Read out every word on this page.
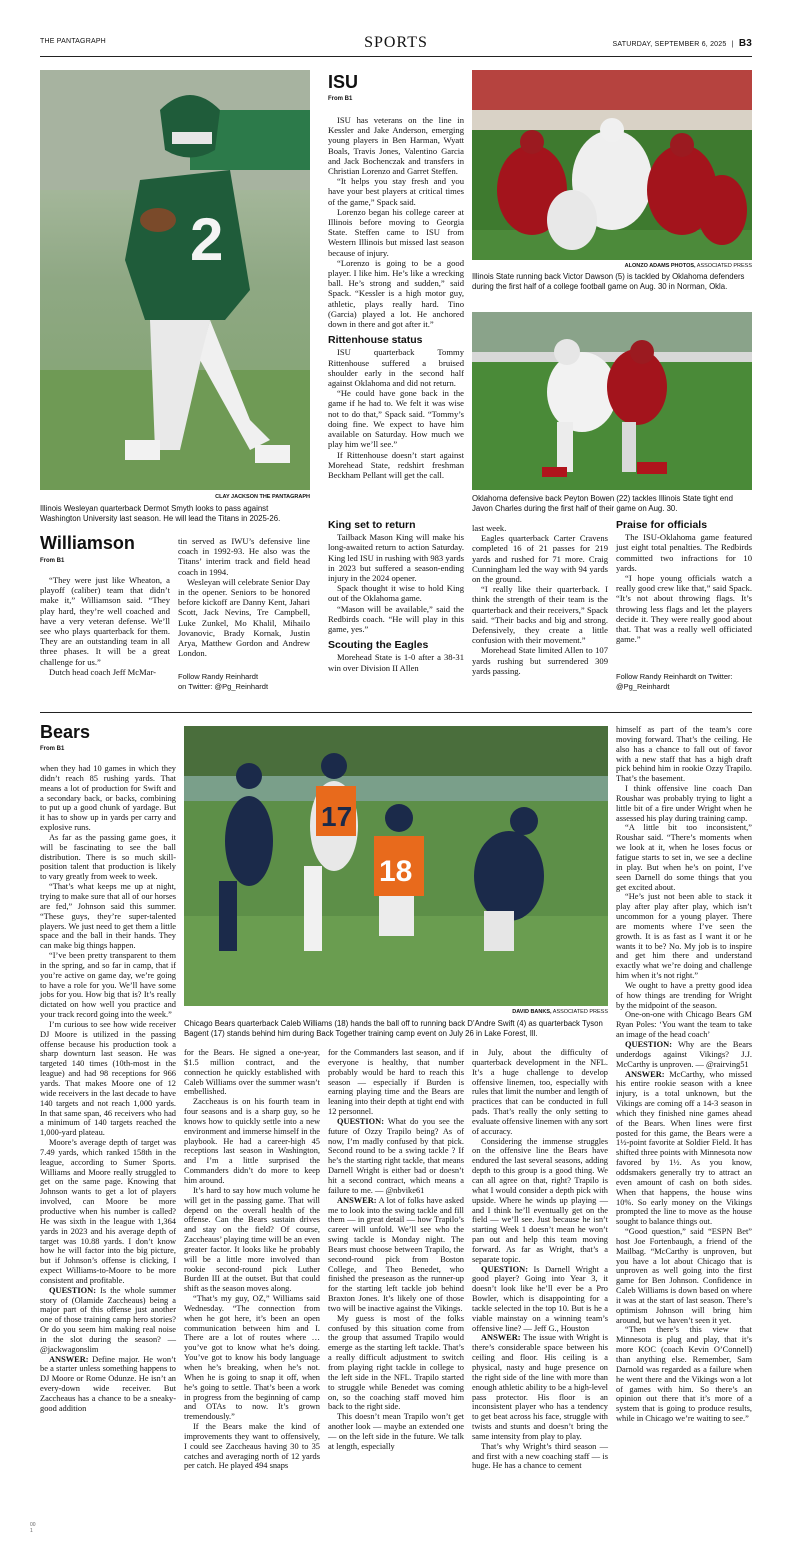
THE PANTAGRAPH	SPORTS	SATURDAY, SEPTEMBER 6, 2025 | B3
2
CLAY JACKSON THE PANTAGRAPH
Illinois Wesleyan quarterback Dermot Smyth looks to pass against Washington University last season. He will lead the Titans in 2025-26.
Williamson
From B1

“They were just like Wheaton, a playoff (caliber) team that didn’t make it,” Williamson said. “They play hard, they’re well coached and have a very veteran defense. We’ll see who plays quarterback for them. They are an outstanding team in all three phases. It will be a great challenge for us.”

Dutch head coach Jeff McMar-

tin served as IWU’s defensive line coach in 1992-93. He also was the Titans’ interim track and field head coach in 1994.

Wesleyan will celebrate Senior Day in the opener. Seniors to be honored before kickoff are Danny Kent, Jahari Scott, Jack Nevins, Tre Campbell, Luke Zunkel, Mo Khalil, Mihailo Jovanovic, Brady Kornak, Justin Arya, Matthew Gordon and Andrew London.

Follow Randy Reinhardt
on Twitter: @Pg_Reinhardt
ISU
From B1

ISU has veterans on the line in Kessler and Jake Anderson, emerging young players in Ben Harman, Wyatt Boals, Travis Jones, Valentino Garcia and Jack Bochenczak and transfers in Christian Lorenzo and Garret Steffen.

“It helps you stay fresh and you have your best players at critical times of the game,” Spack said.

Lorenzo began his college career at Illinois before moving to Georgia State. Steffen came to ISU from Western Illinois but missed last season because of injury.

“Lorenzo is going to be a good player. I like him. He’s like a wrecking ball. He’s strong and sudden,” said Spack. “Kessler is a high motor guy, athletic, plays really hard. Tino (Garcia) played a lot. He anchored down in there and got after it.”

Rittenhouse status

ISU quarterback Tommy Rittenhouse suffered a bruised shoulder early in the second half against Oklahoma and did not return.

“He could have gone back in the game if he had to. We felt it was wise not to do that,” Spack said. “Tommy’s doing fine. We expect to have him available on Saturday. How much we play him we’ll see.”

If Rittenhouse doesn’t start against Morehead State, redshirt freshman Beckham Pellant will get the call.

ALONZO ADAMS PHOTOS, ASSOCIATED PRESS
Illinois State running back Victor Dawson (5) is tackled by Oklahoma defenders during the first half of a college football game on Aug. 30 in Norman, Okla.
Oklahoma defensive back Peyton Bowen (22) tackles Illinois State tight end Javon Charles during the first half of their game on Aug. 30.
King set to return

Tailback Mason King will make his long-awaited return to action Saturday. King led ISU in rushing with 983 yards in 2023 but suffered a season-ending injury in the 2024 opener.

Spack thought it wise to hold King out of the Oklahoma game.

“Mason will be available,” said the Redbirds coach. “He will play in this game, yes.”

Scouting the Eagles

Morehead State is 1-0 after a 38-31 win over Division II Allen

last week.

Eagles quarterback Carter Cravens completed 16 of 21 passes for 219 yards and rushed for 71 more. Craig Cunningham led the way with 94 yards on the ground.

“I really like their quarterback. I think the strength of their team is the quarterback and their receivers,” Spack said. “Their backs and big and strong. Defensively, they create a little confusion with their movement.”

Morehead State limited Allen to 107 yards rushing but surrendered 309 yards passing.

Praise for officials

The ISU-Oklahoma game featured just eight total penalties. The Redbirds committed two infractions for 10 yards.

“I hope young officials watch a really good crew like that,” said Spack. “It’s not about throwing flags. It’s throwing less flags and let the players decide it. They were really good about that. That was a really well officiated game.”

Follow Randy Reinhardt on Twitter:
@Pg_Reinhardt
Bears
From B1
17
18
DAVID BANKS, ASSOCIATED PRESS
Chicago Bears quarterback Caleb Williams (18) hands the ball off to running back D’Andre Swift (4) as quarterback Tyson Bagent (17) stands behind him during Back Together training camp event on July 26 in Lake Forest, Ill.

when they had 10 games in which they didn’t reach 85 rushing yards. That means a lot of production for Swift and a secondary back, or backs, combining to put up a good chunk of yardage. But it has to show up in yards per carry and explosive runs.

As far as the passing game goes, it will be fascinating to see the ball distribution. There is so much skill-position talent that production is likely to vary greatly from week to week.

“That’s what keeps me up at night, trying to make sure that all of our horses are fed,” Johnson said this summer. “These guys, they’re super-talented players. We just need to get them a little space and the ball in their hands. They can make big things happen.

“I’ve been pretty transparent to them in the spring, and so far in camp, that if you’re active on game day, we’re going to have a role for you. We’ll have some jobs for you. How big that is? It’s really dictated on how well you practice and your track record going into the week.”

I’m curious to see how wide receiver DJ Moore is utilized in the passing offense because his production took a sharp downturn last season. He was targeted 140 times (10th-most in the league) and had 98 receptions for 966 yards. That makes Moore one of 12 wide receivers in the last decade to have 140 targets and not reach 1,000 yards. In that same span, 46 receivers who had a minimum of 140 targets reached the 1,000-yard plateau.

Moore’s average depth of target was 7.49 yards, which ranked 158th in the league, according to Sumer Sports. Williams and Moore really struggled to get on the same page. Knowing that Johnson wants to get a lot of players involved, can Moore be more productive when his number is called? He was sixth in the league with 1,364 yards in 2023 and his average depth of target was 10.88 yards. I don’t know how he will factor into the big picture, but if Johnson’s offense is clicking, I expect Williams-to-Moore to be more consistent and profitable.

QUESTION: Is the whole summer story of (Olamide Zaccheaus) being a major part of this offense just another one of those training camp hero stories? Or do you seem him making real noise in the slot during the season? — @jackwagonslim

ANSWER: Define major. He won’t be a starter unless something happens to DJ Moore or Rome Odunze. He isn’t an every-down wide receiver. But Zaccheaus has a chance to be a sneaky-good addition

for the Bears. He signed a one-year, $1.5 million contract, and the connection he quickly established with Caleb Williams over the summer wasn’t embellished.

Zaccheaus is on his fourth team in four seasons and is a sharp guy, so he knows how to quickly settle into a new environment and immerse himself in the playbook. He had a career-high 45 receptions last season in Washington, and I’m a little surprised the Commanders didn’t do more to keep him around.

It’s hard to say how much volume he will get in the passing game. That will depend on the overall health of the offense. Can the Bears sustain drives and stay on the field? Of course, Zaccheaus’ playing time will be an even greater factor. It looks like he probably will be a little more involved than rookie second-round pick Luther Burden III at the outset. But that could shift as the season moves along.

“That’s my guy, OZ,” Williams said Wednesday. “The connection from when he got here, it’s been an open communication between him and I. There are a lot of routes where … you’ve got to know what he’s doing. You’ve got to know his body language when he’s breaking, when he’s not. When he is going to snap it off, when he’s going to settle. That’s been a work in progress from the beginning of camp and OTAs to now. It’s grown tremendously.”

If the Bears make the kind of improvements they want to offensively, I could see Zaccheaus having 30 to 35 catches and averaging north of 12 yards per catch. He played 494 snaps

for the Commanders last season, and if everyone is healthy, that number probably would be hard to reach this season — especially if Burden is earning playing time and the Bears are leaning into their depth at tight end with 12 personnel.

QUESTION: What do you see the future of Ozzy Trapilo being? As of now, I’m madly confused by that pick. Second round to be a swing tackle ? If he’s the starting right tackle, that means Darnell Wright is either bad or doesn’t hit a second contract, which means a failure to me. — @nbvike61

ANSWER: A lot of folks have asked me to look into the swing tackle and fill them — in great detail — how Trapilo’s career will unfold. We’ll see who the swing tackle is Monday night. The Bears must choose between Trapilo, the second-round pick from Boston College, and Theo Benedet, who finished the preseason as the runner-up for the starting left tackle job behind Braxton Jones. It’s likely one of those two will be inactive against the Vikings.

My guess is most of the folks confused by this situation come from the group that assumed Trapilo would emerge as the starting left tackle. That’s a really difficult adjustment to switch from playing right tackle in college to the left side in the NFL. Trapilo started to struggle while Benedet was coming on, so the coaching staff moved him back to the right side.

This doesn’t mean Trapilo won’t get another look — maybe an extended one — on the left side in the future. We talk at length, especially

in July, about the difficulty of quarterback development in the NFL. It’s a huge challenge to develop offensive linemen, too, especially with rules that limit the number and length of practices that can be conducted in full pads. That’s really the only setting to evaluate offensive linemen with any sort of accuracy.

Considering the immense struggles on the offensive line the Bears have endured the last several seasons, adding depth to this group is a good thing. We can all agree on that, right? Trapilo is what I would consider a depth pick with upside. Where he winds up playing — and I think he’ll eventually get on the field — we’ll see. Just because he isn’t starting Week 1 doesn’t mean he won’t pan out and help this team moving forward. As far as Wright, that’s a separate topic.

QUESTION: Is Darnell Wright a good player? Going into Year 3, it doesn’t look like he’ll ever be a Pro Bowler, which is disappointing for a tackle selected in the top 10. But is he a viable mainstay on a winning team’s offensive line? — Jeff G., Houston

ANSWER: The issue with Wright is there’s considerable space between his ceiling and floor. His ceiling is a physical, nasty and huge presence on the right side of the line with more than enough athletic ability to be a high-level pass protector. His floor is an inconsistent player who has a tendency to get beat across his face, struggle with twists and stunts and doesn’t bring the same intensity from play to play.

That’s why Wright’s third season — and first with a new coaching staff — is huge. He has a chance to cement

himself as part of the team’s core moving forward. That’s the ceiling. He also has a chance to fall out of favor with a new staff that has a high draft pick behind him in rookie Ozzy Trapilo. That’s the basement.

I think offensive line coach Dan Roushar was probably trying to light a little bit of a fire under Wright when he assessed his play during training camp.

“A little bit too inconsistent,” Roushar said. “There’s moments when we look at it, when he loses focus or fatigue starts to set in, we see a decline in play. But when he’s on point, I’ve seen Darnell do some things that you get excited about.

“He’s just not been able to stack it play after play after play, which isn’t uncommon for a young player. There are moments where I’ve seen the growth. It is as fast as I want it or he wants it to be? No. My job is to inspire and get him there and understand exactly what we’re doing and challenge him when it’s not right.”

We ought to have a pretty good idea of how things are trending for Wright by the midpoint of the season.

One-on-one with Chicago Bears GM Ryan Poles: ‘You want the team to take an image of the head coach’

QUESTION: Why are the Bears underdogs against Vikings? J.J. McCarthy is unproven. — @rairving51

ANSWER: McCarthy, who missed his entire rookie season with a knee injury, is a total unknown, but the Vikings are coming off a 14-3 season in which they finished nine games ahead of the Bears. When lines were first posted for this game, the Bears were a 1½-point favorite at Soldier Field. It has shifted three points with Minnesota now favored by 1½. As you know, oddsmakers generally try to attract an even amount of cash on both sides. When that happens, the house wins 10%. So early money on the Vikings prompted the line to move as the house sought to balance things out.

“Good question,” said “ESPN Bet” host Joe Fortenbaugh, a friend of the Mailbag. “McCarthy is unproven, but you have a lot about Chicago that is unproven as well going into the first game for Ben Johnson. Confidence in Caleb Williams is down based on where it was at the start of last season. There’s optimism Johnson will bring him around, but we haven’t seen it yet.

“Then there’s this view that Minnesota is plug and play, that it’s more KOC (coach Kevin O’Connell) than anything else. Remember, Sam Darnold was regarded as a failure when he went there and the Vikings won a lot of games with him. So there’s an opinion out there that it’s more of a system that is going to produce results, while in Chicago we’re waiting to see.”

00 1
